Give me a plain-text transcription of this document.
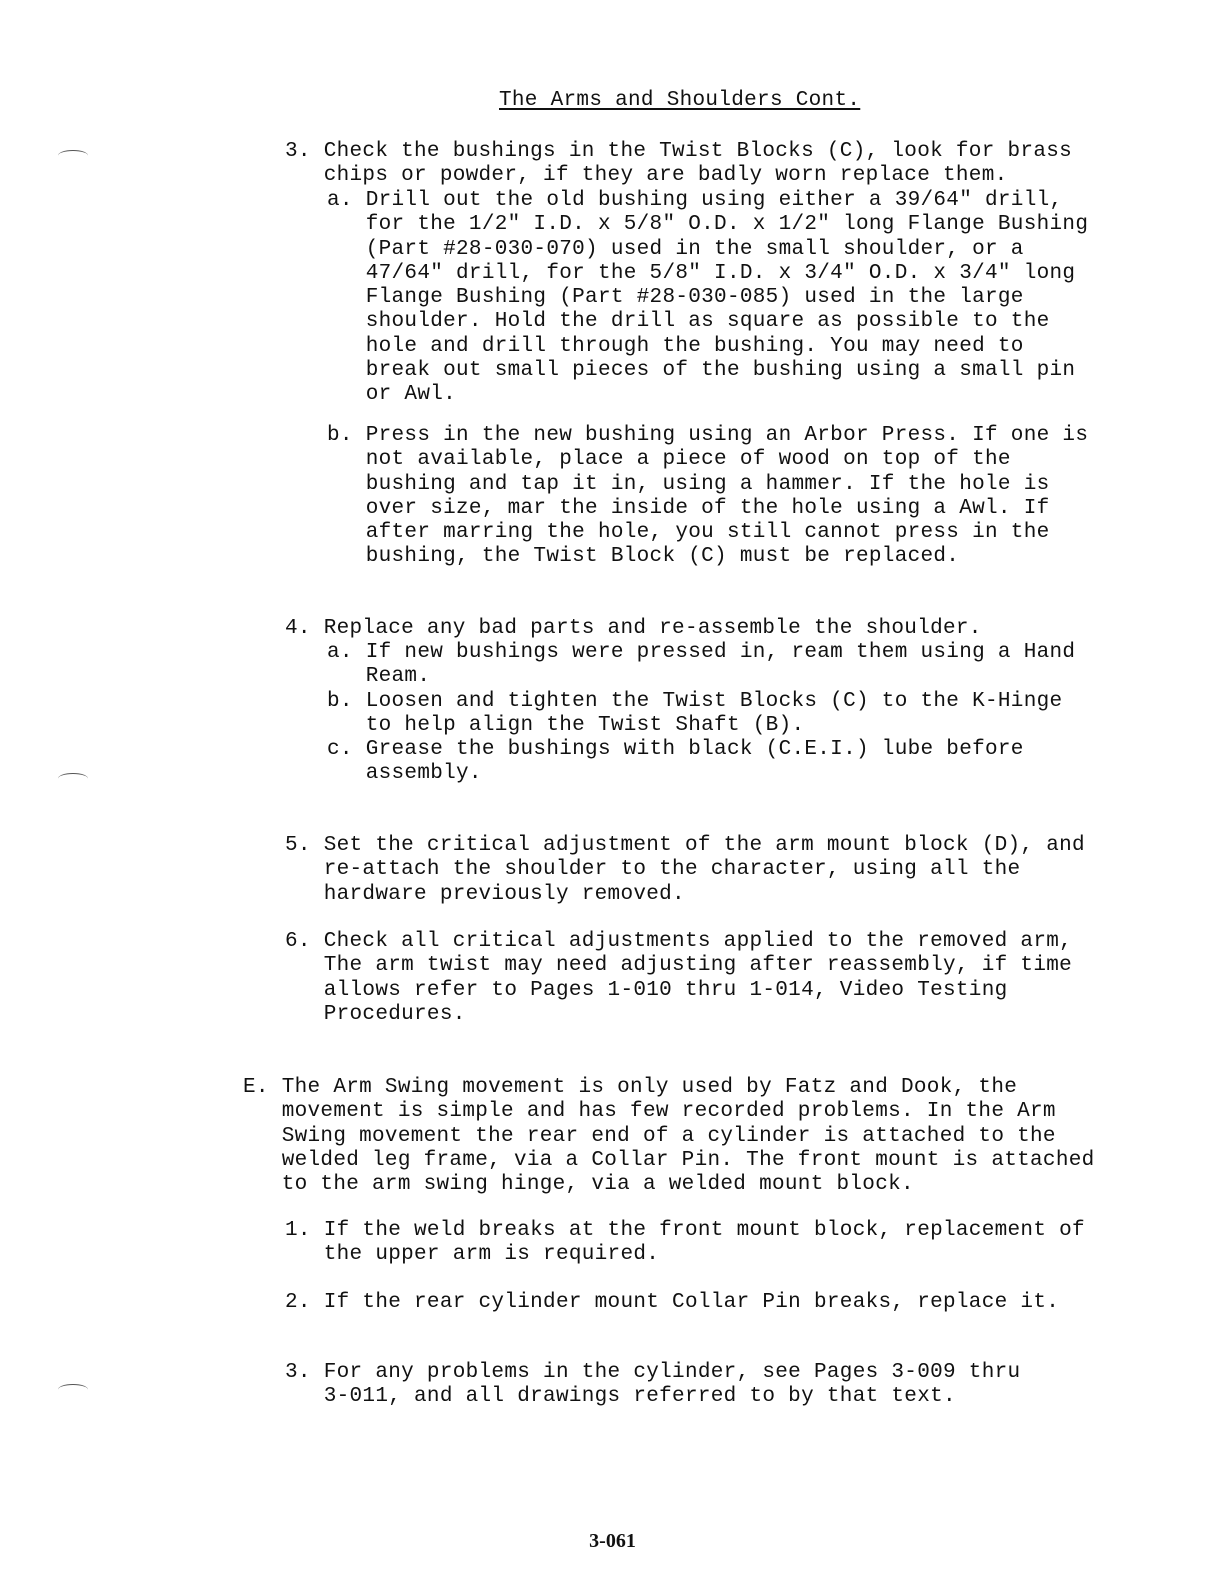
The Arms and Shoulders Cont.

3. Check the bushings in the Twist Blocks (C), look for brass
chips or powder, if they are badly worn replace them.

a. Drill out the old bushing using either a 39/64" drill,
for the 1/2" I.D. x 5/8" O.D. x 1/2" long Flange Bushing
(Part #28-030-070) used in the small shoulder, or a
47/64" drill, for the 5/8" I.D. x 3/4" O.D. x 3/4" long
Flange Bushing (Part #28-030-085) used in the large
shoulder. Hold the drill as square as possible to the
hole and drill through the bushing. You may need to
break out small pieces of the bushing using a small pin
or Awl.

b. Press in the new bushing using an Arbor Press. If one is
not available, place a piece of wood on top of the
bushing and tap it in, using a hammer. If the hole is
over size, mar the inside of the hole using a Awl. If
after marring the hole, you still cannot press in the
bushing, the Twist Block (C) must be replaced.

4. Replace any bad parts and re-assemble the shoulder.

a. If new bushings were pressed in, ream them using a Hand
Ream.
b. Loosen and tighten the Twist Blocks (C) to the K-Hinge
to help align the Twist Shaft (B).
c. Grease the bushings with black (C.E.I.) lube before
assembly.

5. Set the critical adjustment of the arm mount block (D), and
re-attach the shoulder to the character, using all the
hardware previously removed.

6. Check all critical adjustments applied to the removed arm,
The arm twist may need adjusting after reassembly, if time
allows refer to Pages 1-010 thru 1-014, Video Testing
Procedures.

E. The Arm Swing movement is only used by Fatz and Dook, the
movement is simple and has few recorded problems. In the Arm
Swing movement the rear end of a cylinder is attached to the
welded leg frame, via a Collar Pin. The front mount is attached
to the arm swing hinge, via a welded mount block.

1. If the weld breaks at the front mount block, replacement of
the upper arm is required.

2. If the rear cylinder mount Collar Pin breaks, replace it.

3. For any problems in the cylinder, see Pages 3-009 thru
3-011, and all drawings referred to by that text.

3-061
